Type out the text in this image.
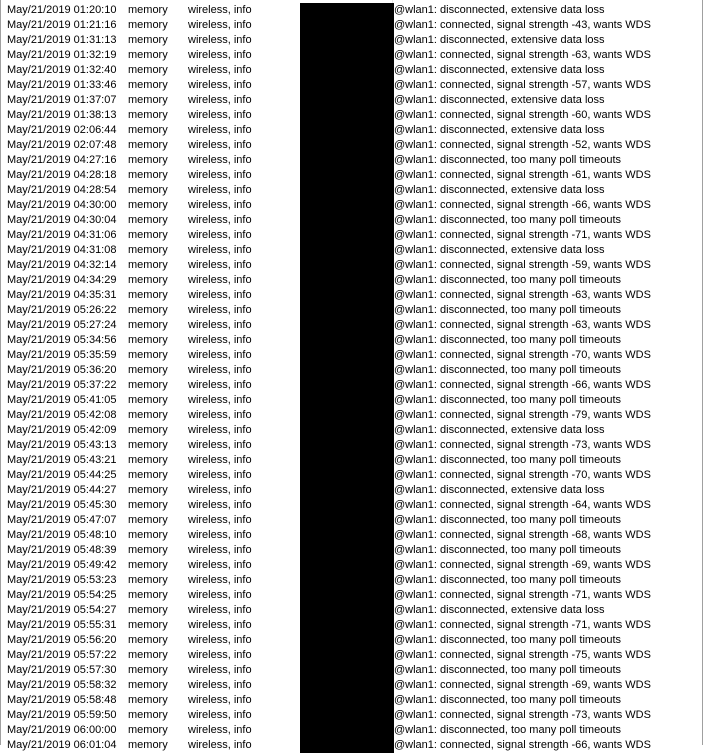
May/21/2019 01:20:10 memory wireless, info	@wlan1: disconnected, extensive data loss
May/21/2019 01:21:16 memory wireless, info	@wlan1: connected, signal strength -43, wants WDS
May/21/2019 01:31:13 memory wireless, info	@wlan1: disconnected, extensive data loss
May/21/2019 01:32:19 memory wireless, info	@wlan1: connected, signal strength -63, wants WDS
May/21/2019 01:32:40 memory wireless, info	@wlan1: disconnected, extensive data loss
May/21/2019 01:33:46 memory wireless, info	@wlan1: connected, signal strength -57, wants WDS
May/21/2019 01:37:07 memory wireless, info	@wlan1: disconnected, extensive data loss
May/21/2019 01:38:13 memory wireless, info	@wlan1: connected, signal strength -60, wants WDS
May/21/2019 02:06:44 memory wireless, info	@wlan1: disconnected, extensive data loss
May/21/2019 02:07:48 memory wireless, info	@wlan1: connected, signal strength -52, wants WDS
May/21/2019 04:27:16 memory wireless, info	@wlan1: disconnected, too many poll timeouts
May/21/2019 04:28:18 memory wireless, info	@wlan1: connected, signal strength -61, wants WDS
May/21/2019 04:28:54 memory wireless, info	@wlan1: disconnected, extensive data loss
May/21/2019 04:30:00 memory wireless, info	@wlan1: connected, signal strength -66, wants WDS
May/21/2019 04:30:04 memory wireless, info	@wlan1: disconnected, too many poll timeouts
May/21/2019 04:31:06 memory wireless, info	@wlan1: connected, signal strength -71, wants WDS
May/21/2019 04:31:08 memory wireless, info	@wlan1: disconnected, extensive data loss
May/21/2019 04:32:14 memory wireless, info	@wlan1: connected, signal strength -59, wants WDS
May/21/2019 04:34:29 memory wireless, info	@wlan1: disconnected, too many poll timeouts
May/21/2019 04:35:31 memory wireless, info	@wlan1: connected, signal strength -63, wants WDS
May/21/2019 05:26:22 memory wireless, info	@wlan1: disconnected, too many poll timeouts
May/21/2019 05:27:24 memory wireless, info	@wlan1: connected, signal strength -63, wants WDS
May/21/2019 05:34:56 memory wireless, info	@wlan1: disconnected, too many poll timeouts
May/21/2019 05:35:59 memory wireless, info	@wlan1: connected, signal strength -70, wants WDS
May/21/2019 05:36:20 memory wireless, info	@wlan1: disconnected, too many poll timeouts
May/21/2019 05:37:22 memory wireless, info	@wlan1: connected, signal strength -66, wants WDS
May/21/2019 05:41:05 memory wireless, info	@wlan1: disconnected, too many poll timeouts
May/21/2019 05:42:08 memory wireless, info	@wlan1: connected, signal strength -79, wants WDS
May/21/2019 05:42:09 memory wireless, info	@wlan1: disconnected, extensive data loss
May/21/2019 05:43:13 memory wireless, info	@wlan1: connected, signal strength -73, wants WDS
May/21/2019 05:43:21 memory wireless, info	@wlan1: disconnected, too many poll timeouts
May/21/2019 05:44:25 memory wireless, info	@wlan1: connected, signal strength -70, wants WDS
May/21/2019 05:44:27 memory wireless, info	@wlan1: disconnected, extensive data loss
May/21/2019 05:45:30 memory wireless, info	@wlan1: connected, signal strength -64, wants WDS
May/21/2019 05:47:07 memory wireless, info	@wlan1: disconnected, too many poll timeouts
May/21/2019 05:48:10 memory wireless, info	@wlan1: connected, signal strength -68, wants WDS
May/21/2019 05:48:39 memory wireless, info	@wlan1: disconnected, too many poll timeouts
May/21/2019 05:49:42 memory wireless, info	@wlan1: connected, signal strength -69, wants WDS
May/21/2019 05:53:23 memory wireless, info	@wlan1: disconnected, too many poll timeouts
May/21/2019 05:54:25 memory wireless, info	@wlan1: connected, signal strength -71, wants WDS
May/21/2019 05:54:27 memory wireless, info	@wlan1: disconnected, extensive data loss
May/21/2019 05:55:31 memory wireless, info	@wlan1: connected, signal strength -71, wants WDS
May/21/2019 05:56:20 memory wireless, info	@wlan1: disconnected, too many poll timeouts
May/21/2019 05:57:22 memory wireless, info	@wlan1: connected, signal strength -75, wants WDS
May/21/2019 05:57:30 memory wireless, info	@wlan1: disconnected, too many poll timeouts
May/21/2019 05:58:32 memory wireless, info	@wlan1: connected, signal strength -69, wants WDS
May/21/2019 05:58:48 memory wireless, info	@wlan1: disconnected, too many poll timeouts
May/21/2019 05:59:50 memory wireless, info	@wlan1: connected, signal strength -73, wants WDS
May/21/2019 06:00:00 memory wireless, info	@wlan1: disconnected, too many poll timeouts
May/21/2019 06:01:04 memory wireless, info	@wlan1: connected, signal strength -66, wants WDS
